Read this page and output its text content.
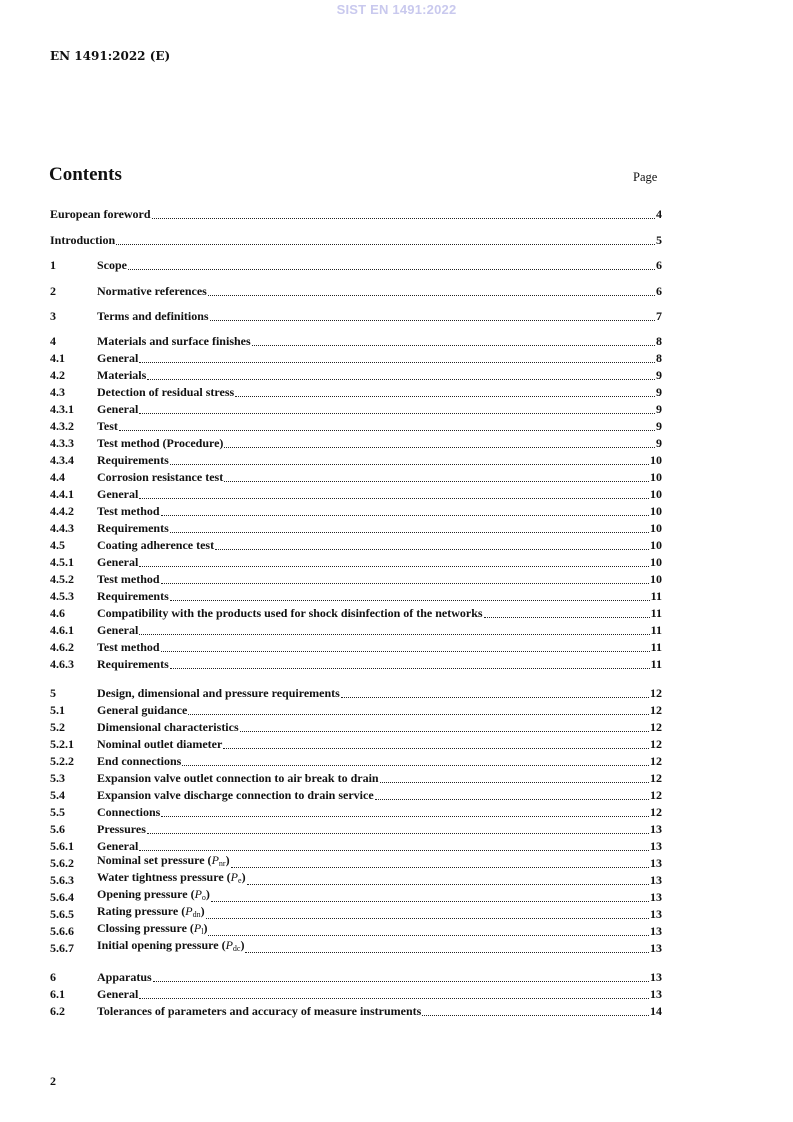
SIST EN 1491:2022
EN 1491:2022 (E)
Contents	Page
European foreword	4
Introduction	5
1	Scope	6
2	Normative references	6
3	Terms and definitions	7
4	Materials and surface finishes	8
4.1	General	8
4.2	Materials	9
4.3	Detection of residual stress	9
4.3.1	General	9
4.3.2	Test	9
4.3.3	Test method (Procedure)	9
4.3.4	Requirements	10
4.4	Corrosion resistance test	10
4.4.1	General	10
4.4.2	Test method	10
4.4.3	Requirements	10
4.5	Coating adherence test	10
4.5.1	General	10
4.5.2	Test method	10
4.5.3	Requirements	11
4.6	Compatibility with the products used for shock disinfection of the networks	11
4.6.1	General	11
4.6.2	Test method	11
4.6.3	Requirements	11
5	Design, dimensional and pressure requirements	12
5.1	General guidance	12
5.2	Dimensional characteristics	12
5.2.1	Nominal outlet diameter	12
5.2.2	End connections	12
5.3	Expansion valve outlet connection to air break to drain	12
5.4	Expansion valve discharge connection to drain service	12
5.5	Connections	12
5.6	Pressures	13
5.6.1	General	13
5.6.2	Nominal set pressure $(P_{nr})$	13
5.6.3	Water tightness pressure $(P_e)$	13
5.6.4	Opening pressure $(P_o)$	13
5.6.5	Rating pressure $(P_{dn})$	13
5.6.6	Clossing pressure $(P_l)$	13
5.6.7	Initial opening pressure $(P_{dc})$	13
6	Apparatus	13
6.1	General	13
6.2	Tolerances of parameters and accuracy of measure instruments	14
2
